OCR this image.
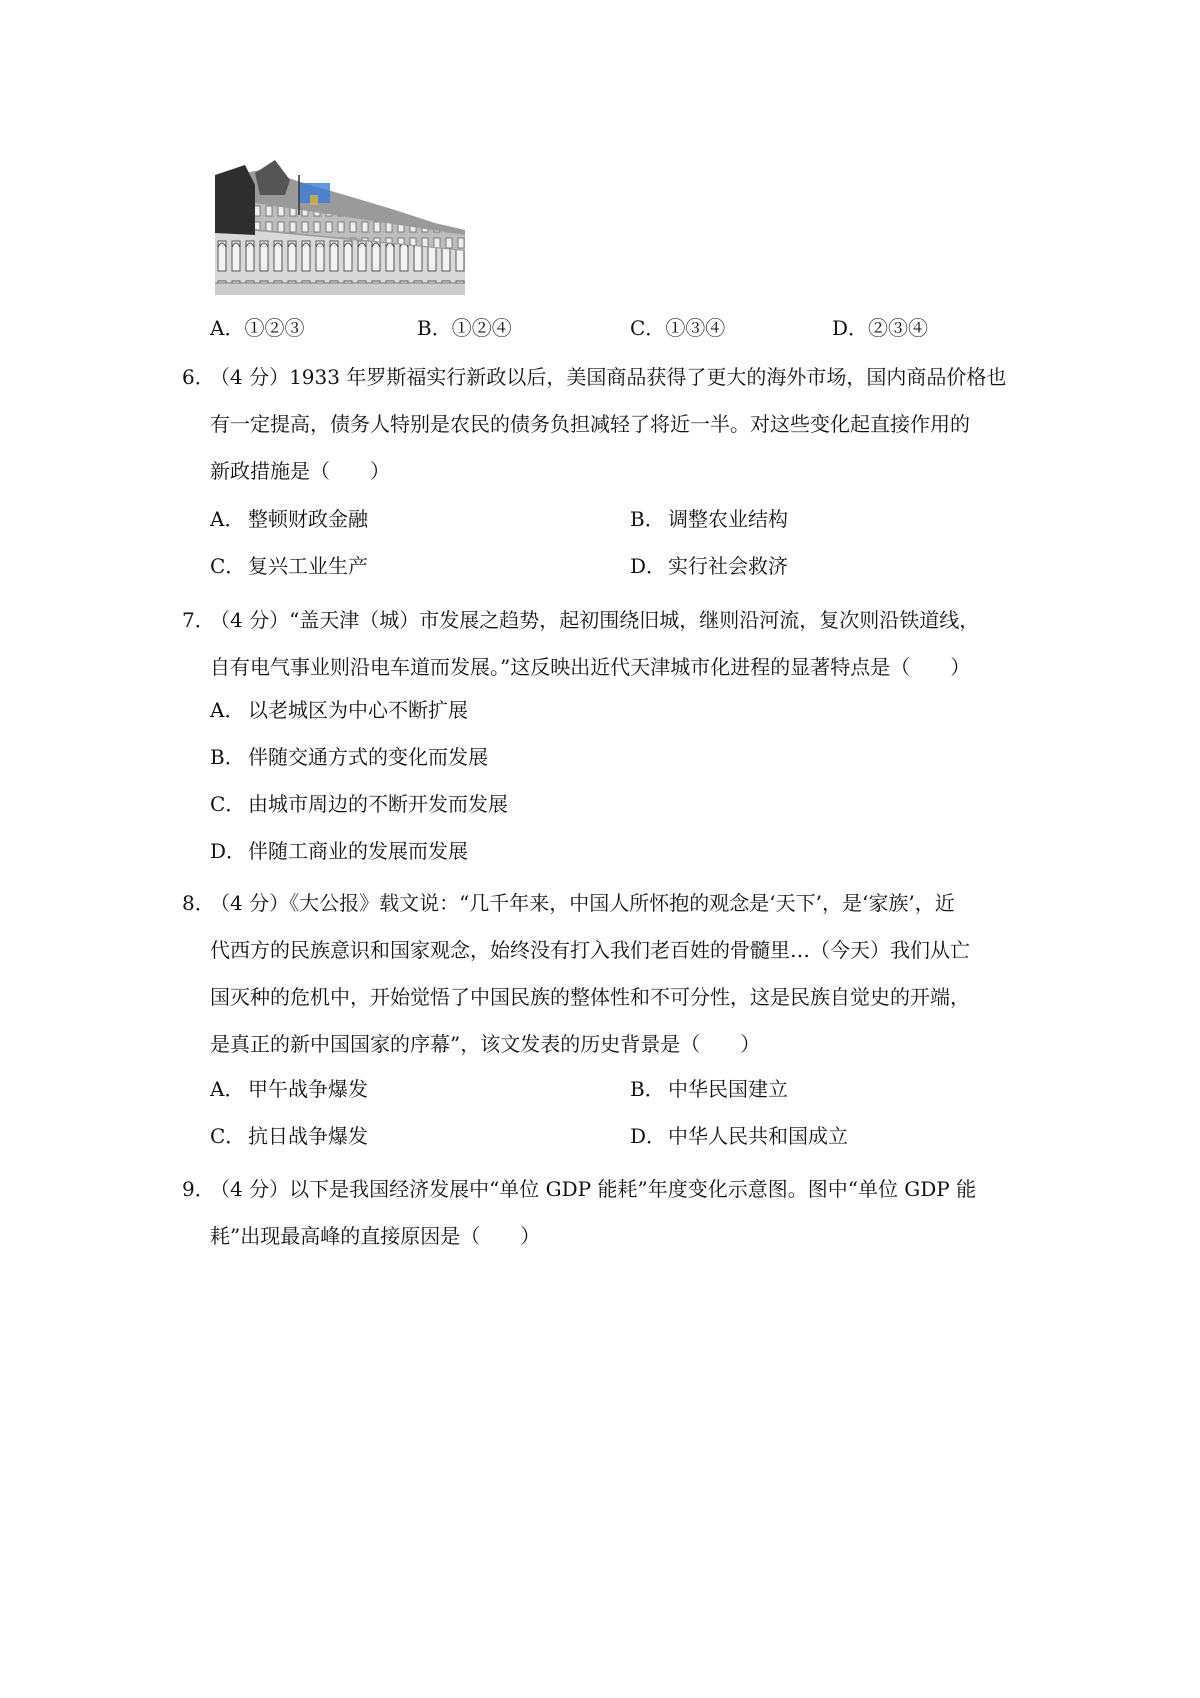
A．①②③	B．①②④	C．①③④	D．②③④
6．
（4 分）1933 年罗斯福实行新政以后，美国商品获得了更大的海外市场，国内商品价格也
有一定提高，债务人特别是农民的债务负担减轻了将近一半。对这些变化起直接作用的
新政措施是（　　）
A． 整顿财政金融	B． 调整农业结构
C． 复兴工业生产	D．实行社会救济
7．
（4 分）“盖天津（城）市发展之趋势，起初围绕旧城，继则沿河流，复次则沿铁道线，
自有电气事业则沿电车道而发展。”这反映出近代天津城市化进程的显著特点是（　　）
A． 以老城区为中心不断扩展
B． 伴随交通方式的变化而发展
C． 由城市周边的不断开发而发展
D．伴随工商业的发展而发展
8．
（4 分）《大公报》载文说：“几千年来，中国人所怀抱的观念是‘天下’，是‘家族’，近
代西方的民族意识和国家观念，始终没有打入我们老百姓的骨髓里…（今天）我们从亡
国灭种的危机中，开始觉悟了中国民族的整体性和不可分性，这是民族自觉史的开端，
是真正的新中国国家的序幕”，该文发表的历史背景是（　　）
A． 甲午战争爆发	B． 中华民国建立
C． 抗日战争爆发	D．中华人民共和国成立
9．
（4 分）以下是我国经济发展中“单位 GDP 能耗”年度变化示意图。图中“单位 GDP 能
耗”出现最高峰的直接原因是（　　）
